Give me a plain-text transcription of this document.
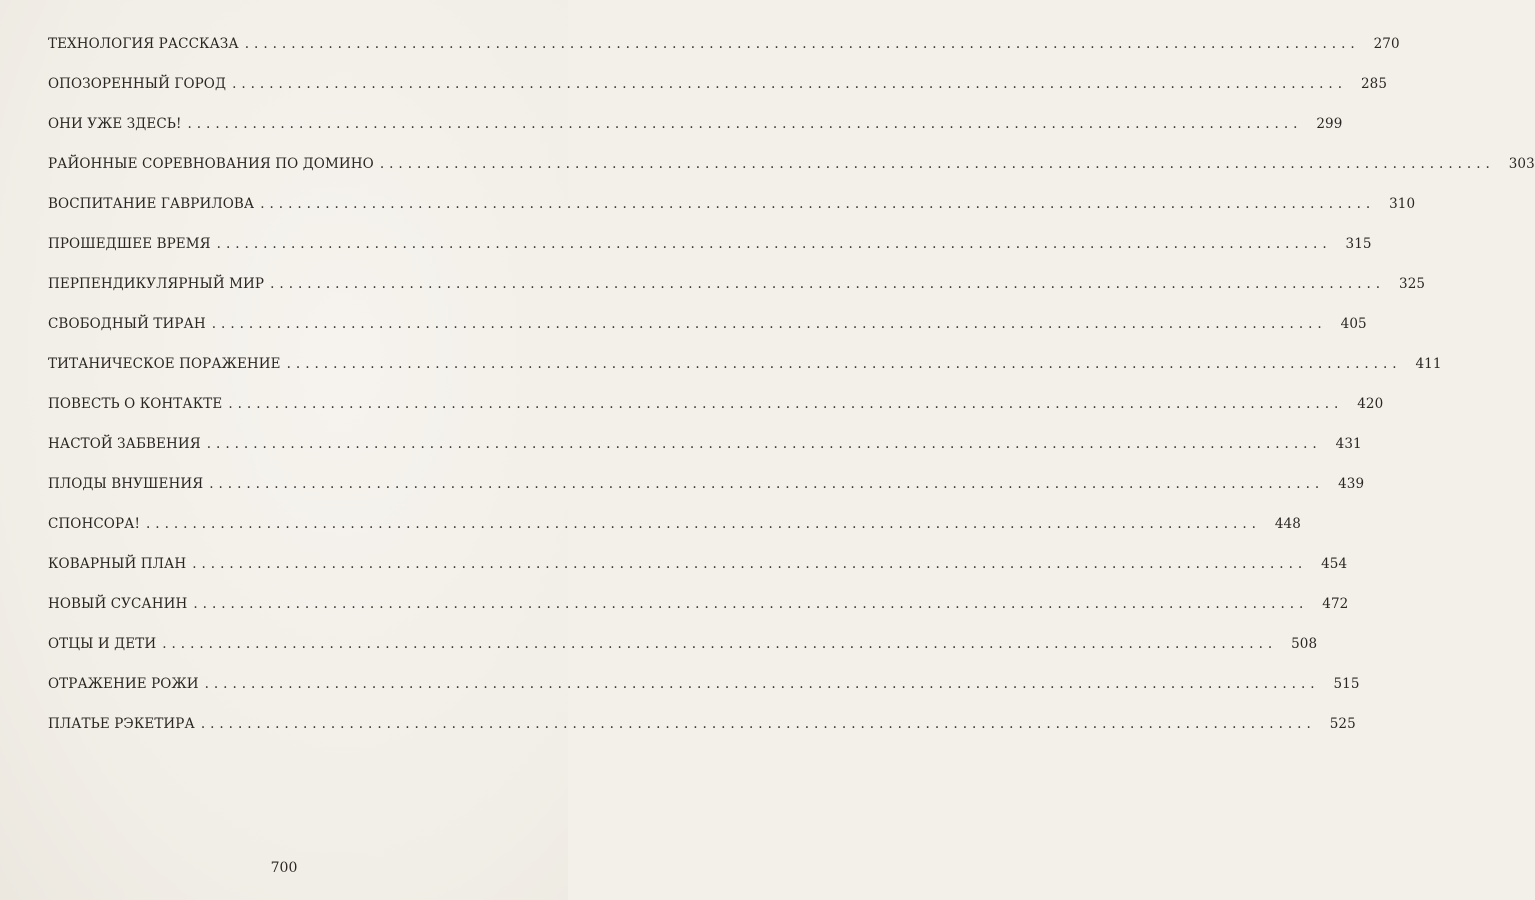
ТЕХНОЛОГИЯ РАССКАЗА ........................................................................................................................	270
ОПОЗОРЕННЫЙ ГОРОД ........................................................................................................................	285
ОНИ УЖЕ ЗДЕСЬ! ........................................................................................................................	299
РАЙОННЫЕ СОРЕВНОВАНИЯ ПО ДОМИНО ........................................................................................................................	303
ВОСПИТАНИЕ ГАВРИЛОВА ........................................................................................................................	310
ПРОШЕДШЕЕ ВРЕМЯ ........................................................................................................................	315
ПЕРПЕНДИКУЛЯРНЫЙ МИР ........................................................................................................................	325
СВОБОДНЫЙ ТИРАН ........................................................................................................................	405
ТИТАНИЧЕСКОЕ ПОРАЖЕНИЕ ........................................................................................................................	411
ПОВЕСТЬ О КОНТАКТЕ ........................................................................................................................	420
НАСТОЙ ЗАБВЕНИЯ ........................................................................................................................	431
ПЛОДЫ ВНУШЕНИЯ ........................................................................................................................	439
СПОНСОРА! ........................................................................................................................	448
КОВАРНЫЙ ПЛАН ........................................................................................................................	454
НОВЫЙ СУСАНИН ........................................................................................................................	472
ОТЦЫ И ДЕТИ ........................................................................................................................	508
ОТРАЖЕНИЕ РОЖИ ........................................................................................................................	515
ПЛАТЬЕ РЭКЕТИРА ........................................................................................................................	525
700
